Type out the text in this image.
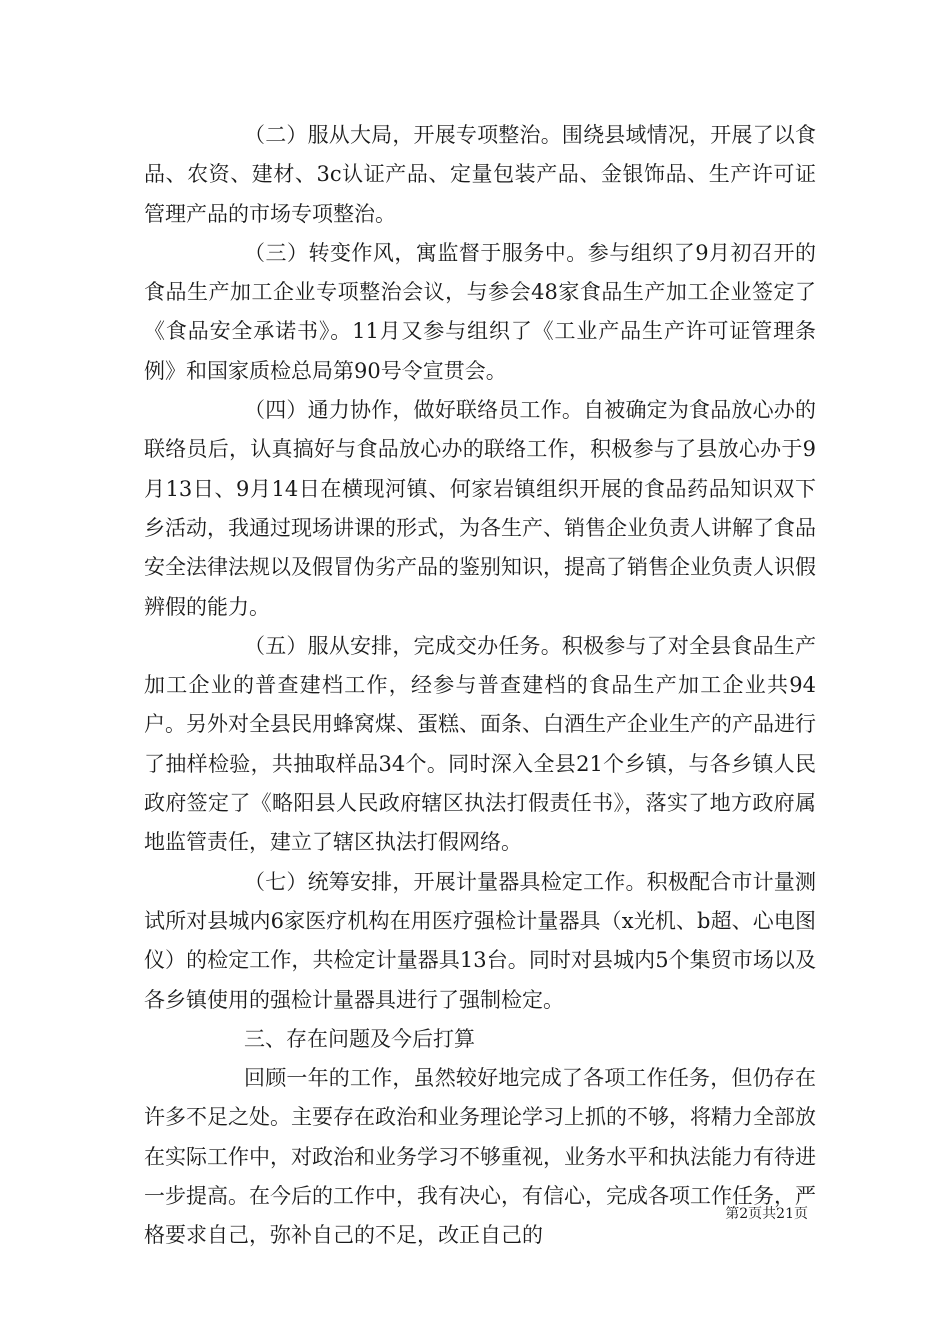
（二）服从大局，开展专项整治。围绕县域情况，开展了以食品、农资、建材、3c认证产品、定量包装产品、金银饰品、生产许可证管理产品的市场专项整治。

（三）转变作风，寓监督于服务中。参与组织了9月初召开的食品生产加工企业专项整治会议，与参会48家食品生产加工企业签定了《食品安全承诺书》。11月又参与组织了《工业产品生产许可证管理条例》和国家质检总局第90号令宣贯会。

（四）通力协作，做好联络员工作。自被确定为食品放心办的联络员后，认真搞好与食品放心办的联络工作，积极参与了县放心办于9月13日、9月14日在横现河镇、何家岩镇组织开展的食品药品知识双下乡活动，我通过现场讲课的形式，为各生产、销售企业负责人讲解了食品安全法律法规以及假冒伪劣产品的鉴别知识，提高了销售企业负责人识假辨假的能力。

（五）服从安排，完成交办任务。积极参与了对全县食品生产加工企业的普查建档工作，经参与普查建档的食品生产加工企业共94户。另外对全县民用蜂窝煤、蛋糕、面条、白酒生产企业生产的产品进行了抽样检验，共抽取样品34个。同时深入全县21个乡镇，与各乡镇人民政府签定了《略阳县人民政府辖区执法打假责任书》，落实了地方政府属地监管责任，建立了辖区执法打假网络。

（七）统筹安排，开展计量器具检定工作。积极配合市计量测试所对县城内6家医疗机构在用医疗强检计量器具（x光机、b超、心电图仪）的检定工作，共检定计量器具13台。同时对县城内5个集贸市场以及各乡镇使用的强检计量器具进行了强制检定。

三、存在问题及今后打算

回顾一年的工作，虽然较好地完成了各项工作任务，但仍存在许多不足之处。主要存在政治和业务理论学习上抓的不够，将精力全部放在实际工作中，对政治和业务学习不够重视，业务水平和执法能力有待进一步提高。在今后的工作中，我有决心，有信心，完成各项工作任务，严格要求自己，弥补自己的不足，改正自己的

第2页共21页
